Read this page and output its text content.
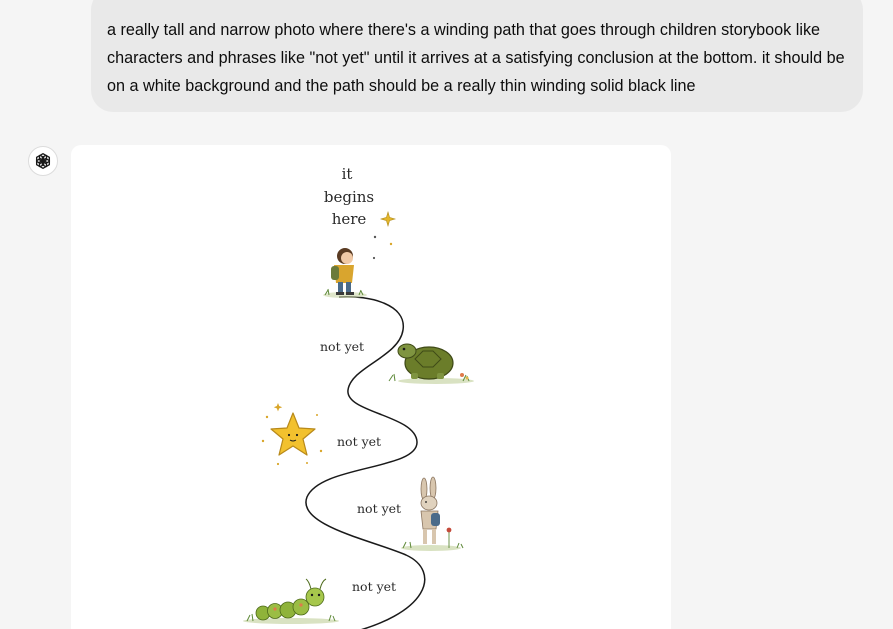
a really tall and narrow photo where there's a winding path that goes through children storybook like characters and phrases like "not yet" until it arrives at a satisfying conclusion at the bottom. it should be on a white background and the path should be a really thin winding solid black line
it
begins
here
not yet
not yet
not yet
not yet
